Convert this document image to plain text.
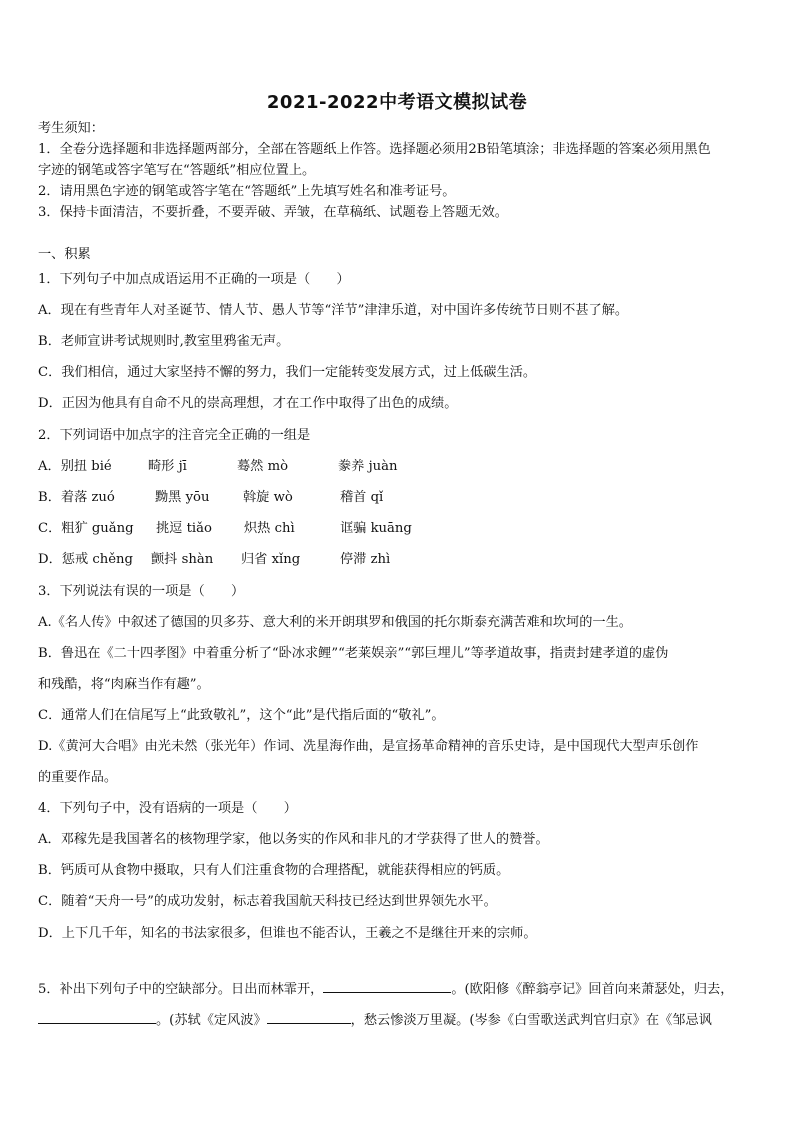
2021-2022中考语文模拟试卷
考生须知：
1．全卷分选择题和非选择题两部分，全部在答题纸上作答。选择题必须用2B铅笔填涂；非选择题的答案必须用黑色
字迹的钢笔或答字笔写在“答题纸”相应位置上。
2．请用黑色字迹的钢笔或答字笔在“答题纸”上先填写姓名和准考证号。
3．保持卡面清洁，不要折叠，不要弄破、弄皱，在草稿纸、试题卷上答题无效。
一、积累
1．下列句子中加点成语运用不正确的一项是（　　）
A．现在有些青年人对圣诞节、情人节、愚人节等“洋节”津津乐道，对中国许多传统节日则不甚了解。
B．老师宣讲考试规则时,教室里鸦雀无声。
C．我们相信，通过大家坚持不懈的努力，我们一定能转变发展方式，过上低碳生活。
D．正因为他具有自命不凡的崇高理想，才在工作中取得了出色的成绩。
2．下列词语中加点字的注音完全正确的一组是
A．别扭 bié	畸形 jī	蓦然 mò	豢养 juàn
B．着落 zuó	黝黑 yōu	斡旋 wò	稽首 qǐ
C．粗犷 guǎng 挑逗 tiǎo 炽热 chì	诓骗 kuāng
D．惩戒 chěng 颤抖 shàn 归省 xǐng	停滞 zhì
3．下列说法有误的一项是（　　）
A.《名人传》中叙述了德国的贝多芬、意大利的米开朗琪罗和俄国的托尔斯泰充满苦难和坎坷的一生。
B．鲁迅在《二十四孝图》中着重分析了“卧冰求鲤”“老莱娱亲”“郭巨埋儿”等孝道故事，指责封建孝道的虚伪
和残酷，将“肉麻当作有趣”。
C．通常人们在信尾写上“此致敬礼”，这个“此”是代指后面的“敬礼”。
D.《黄河大合唱》由光未然（张光年）作词、冼星海作曲，是宣扬革命精神的音乐史诗，是中国现代大型声乐创作
的重要作品。
4．下列句子中，没有语病的一项是（　　）
A．邓稼先是我国著名的核物理学家，他以务实的作风和非凡的才学获得了世人的赞誉。
B．钙质可从食物中摄取，只有人们注重食物的合理搭配，就能获得相应的钙质。
C．随着“天舟一号”的成功发射，标志着我国航天科技已经达到世界领先水平。
D．上下几千年，知名的书法家很多，但谁也不能否认，王羲之不是继往开来的宗师。
5．补出下列句子中的空缺部分。日出而林霏开，	。(欧阳修《醉翁亭记》回首向来萧瑟处，归去，
。(苏轼《定风波》	，愁云惨淡万里凝。(岑参《白雪歌送武判官归京》在《邹忌讽
